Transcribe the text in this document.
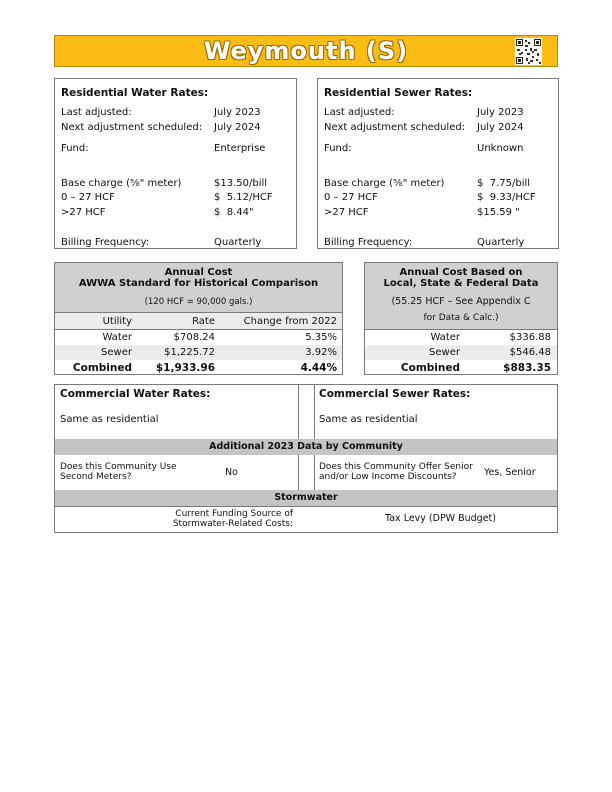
Weymouth (S)
Residential Water Rates:
Last adjusted:	July 2023
Next adjustment scheduled: July 2024
Fund:	Enterprise
Base charge (⅝" meter)	$13.50/bill
0 – 27 HCF	$  5.12/HCF
>27 HCF	$  8.44"
Billing Frequency:	Quarterly
Residential Sewer Rates:
Last adjusted:	July 2023
Next adjustment scheduled: July 2024
Fund:	Unknown
Base charge (⅝" meter)	$  7.75/bill
0 – 27 HCF	$  9.33/HCF
>27 HCF	$15.59 "
Billing Frequency:	Quarterly
Annual Cost
AWWA Standard for Historical Comparison
(120 HCF = 90,000 gals.)
Utility	Rate	Change from 2022
Water	$708.24	5.35%
Sewer	$1,225.72	3.92%
Combined	$1,933.96	4.44%
Annual Cost Based on
Local, State & Federal Data
(55.25 HCF – See Appendix C
for Data & Calc.)
Water	$336.88
Sewer	$546.48
Combined	$883.35
Commercial Water Rates:
Same as residential
Commercial Sewer Rates:
Same as residential
Additional 2023 Data by Community
Does this Community Use Second Meters?	No	Does this Community Offer Senior and/or Low Income Discounts?	Yes, Senior
Stormwater
Current Funding Source of Stormwater-Related Costs:	Tax Levy (DPW Budget)
